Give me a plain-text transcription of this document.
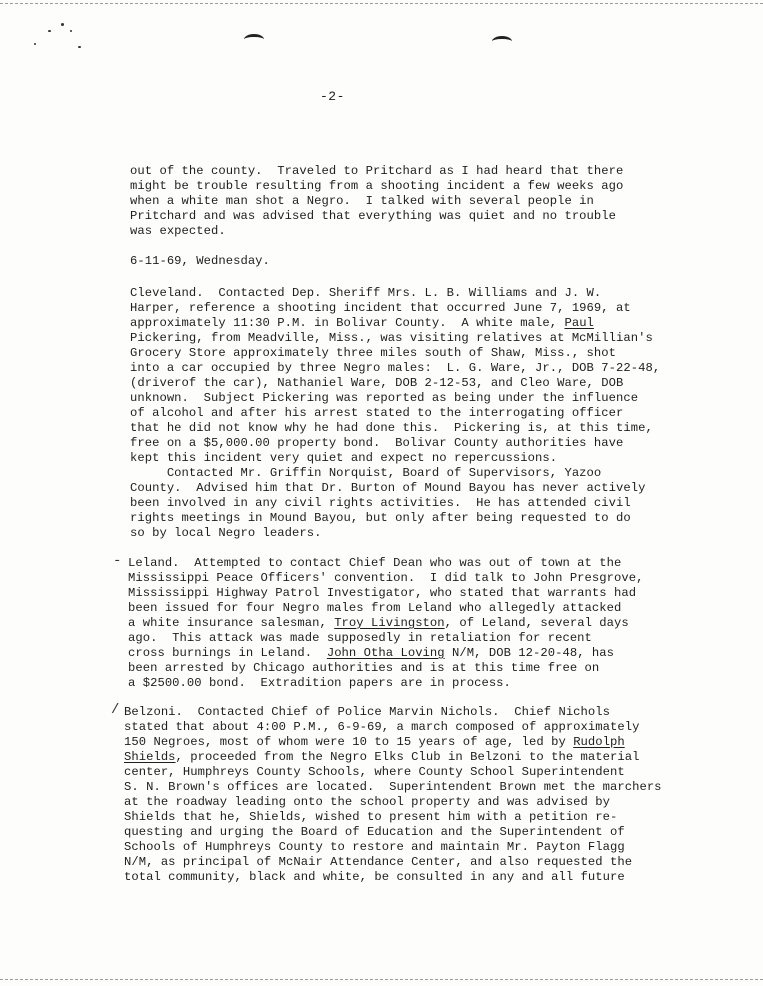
-2-
out of the county.  Traveled to Pritchard as I had heard that there
might be trouble resulting from a shooting incident a few weeks ago
when a white man shot a Negro.  I talked with several people in
Pritchard and was advised that everything was quiet and no trouble
was expected.
6-11-69, Wednesday.
Cleveland.  Contacted Dep. Sheriff Mrs. L. B. Williams and J. W.
Harper, reference a shooting incident that occurred June 7, 1969, at
approximately 11:30 P.M. in Bolivar County.  A white male, Paul
Pickering, from Meadville, Miss., was visiting relatives at McMillian's
Grocery Store approximately three miles south of Shaw, Miss., shot
into a car occupied by three Negro males:  L. G. Ware, Jr., DOB 7-22-48,
(driverof the car), Nathaniel Ware, DOB 2-12-53, and Cleo Ware, DOB
unknown.  Subject Pickering was reported as being under the influence
of alcohol and after his arrest stated to the interrogating officer
that he did not know why he had done this.  Pickering is, at this time,
free on a $5,000.00 property bond.  Bolivar County authorities have
kept this incident very quiet and expect no repercussions.
Contacted Mr. Griffin Norquist, Board of Supervisors, Yazoo
County.  Advised him that Dr. Burton of Mound Bayou has never actively
been involved in any civil rights activities.  He has attended civil
rights meetings in Mound Bayou, but only after being requested to do
so by local Negro leaders.
- Leland.  Attempted to contact Chief Dean who was out of town at the
Mississippi Peace Officers' convention.  I did talk to John Presgrove,
Mississippi Highway Patrol Investigator, who stated that warrants had
been issued for four Negro males from Leland who allegedly attacked
a white insurance salesman, Troy Livingston, of Leland, several days
ago.  This attack was made supposedly in retaliation for recent
cross burnings in Leland.  John Otha Loving N/M, DOB 12-20-48, has
been arrested by Chicago authorities and is at this time free on
a $2500.00 bond.  Extradition papers are in process.
/ Belzoni.  Contacted Chief of Police Marvin Nichols.  Chief Nichols
stated that about 4:00 P.M., 6-9-69, a march composed of approximately
150 Negroes, most of whom were 10 to 15 years of age, led by Rudolph
Shields, proceeded from the Negro Elks Club in Belzoni to the material
center, Humphreys County Schools, where County School Superintendent
S. N. Brown's offices are located.  Superintendent Brown met the marchers
at the roadway leading onto the school property and was advised by
Shields that he, Shields, wished to present him with a petition re-
questing and urging the Board of Education and the Superintendent of
Schools of Humphreys County to restore and maintain Mr. Payton Flagg
N/M, as principal of McNair Attendance Center, and also requested the
total community, black and white, be consulted in any and all future
